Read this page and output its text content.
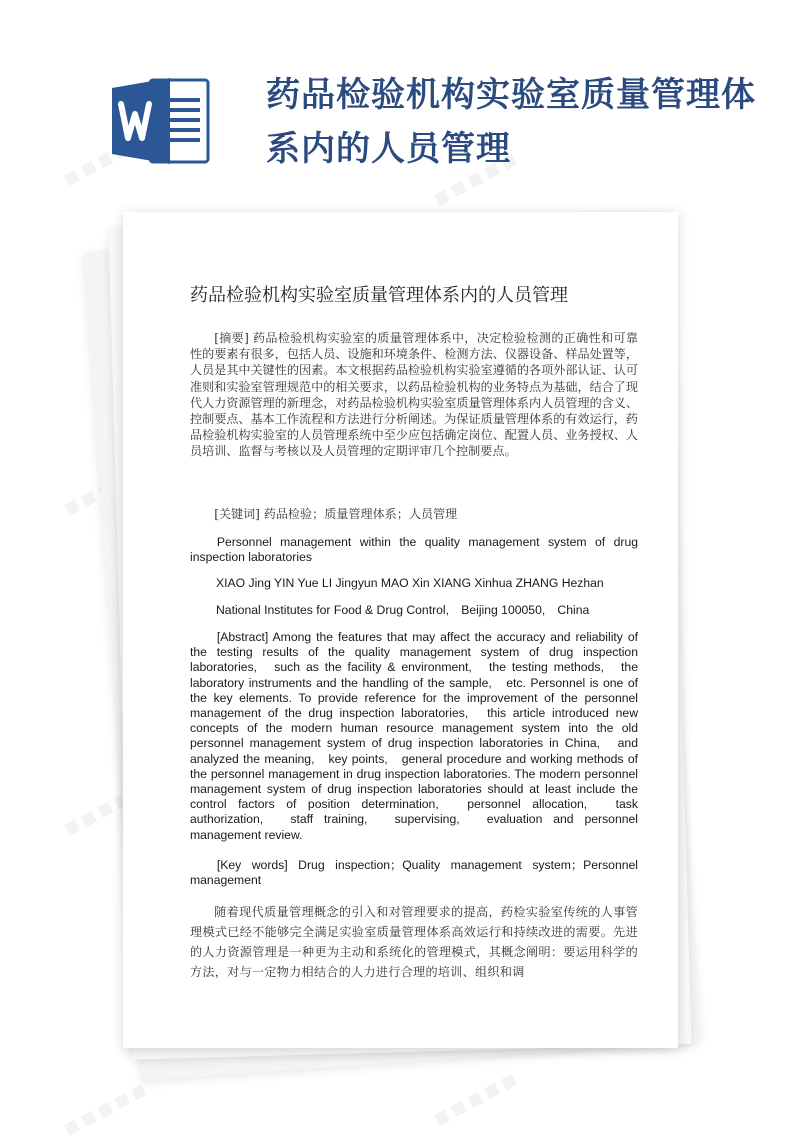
▦ ▦ ▦ ▦ ▦	▦ ▦ ▦ ▦ ▦
▦ ▦
▦ ▦ ▦ ▦ ▦
▦ ▦ ▦ ▦ ▦	▦ ▦ ▦ ▦ ▦
药品检验机构实验室质量管理体系内的人员管理
药品检验机构实验室质量管理体系内的人员管理

[摘要] 药品检验机构实验室的质量管理体系中，决定检验检测的正确性和可靠性的要素有很多，包括人员、设施和环境条件、检测方法、仪器设备、样品处置等，人员是其中关键性的因素。本文根据药品检验机构实验室遵循的各项外部认证、认可准则和实验室管理规范中的相关要求，以药品检验机构的业务特点为基础，结合了现代人力资源管理的新理念，对药品检验机构实验室质量管理体系内人员管理的含义、控制要点、基本工作流程和方法进行分析阐述。为保证质量管理体系的有效运行，药品检验机构实验室的人员管理系统中至少应包括确定岗位、配置人员、业务授权、人员培训、监督与考核以及人员管理的定期评审几个控制要点。

[关键词] 药品检验；质量管理体系；人员管理

Personnel management within the quality management system of drug inspection laboratories

XIAO Jing YIN Yue LI Jingyun MAO Xin XIANG Xinhua ZHANG Hezhan

National Institutes for Food & Drug Control,　Beijing 100050,　China

[Abstract] Among the features that may affect the accuracy and reliability of the testing results of the quality management system of drug inspection laboratories,　such as the facility & environment,　the testing methods,　the laboratory instruments and the handling of the sample,　etc. Personnel is one of the key elements. To provide reference for the improvement of the personnel management of the drug inspection laboratories,　this article introduced new concepts of the modern human resource management system into the old personnel management system of drug inspection laboratories in China,　and analyzed the meaning,　key points,　general procedure and working methods of the personnel management in drug inspection laboratories. The modern personnel management system of drug inspection laboratories should at least include the control factors of position determination,　personnel allocation,　task authorization,　staff training,　supervising,　evaluation and personnel management review.

[Key words] Drug inspection；Quality management system；Personnel management

随着现代质量管理概念的引入和对管理要求的提高，药检实验室传统的人事管理模式已经不能够完全满足实验室质量管理体系高效运行和持续改进的需要。先进的人力资源管理是一种更为主动和系统化的管理模式，其概念阐明：要运用科学的方法，对与一定物力相结合的人力进行合理的培训、组织和调
